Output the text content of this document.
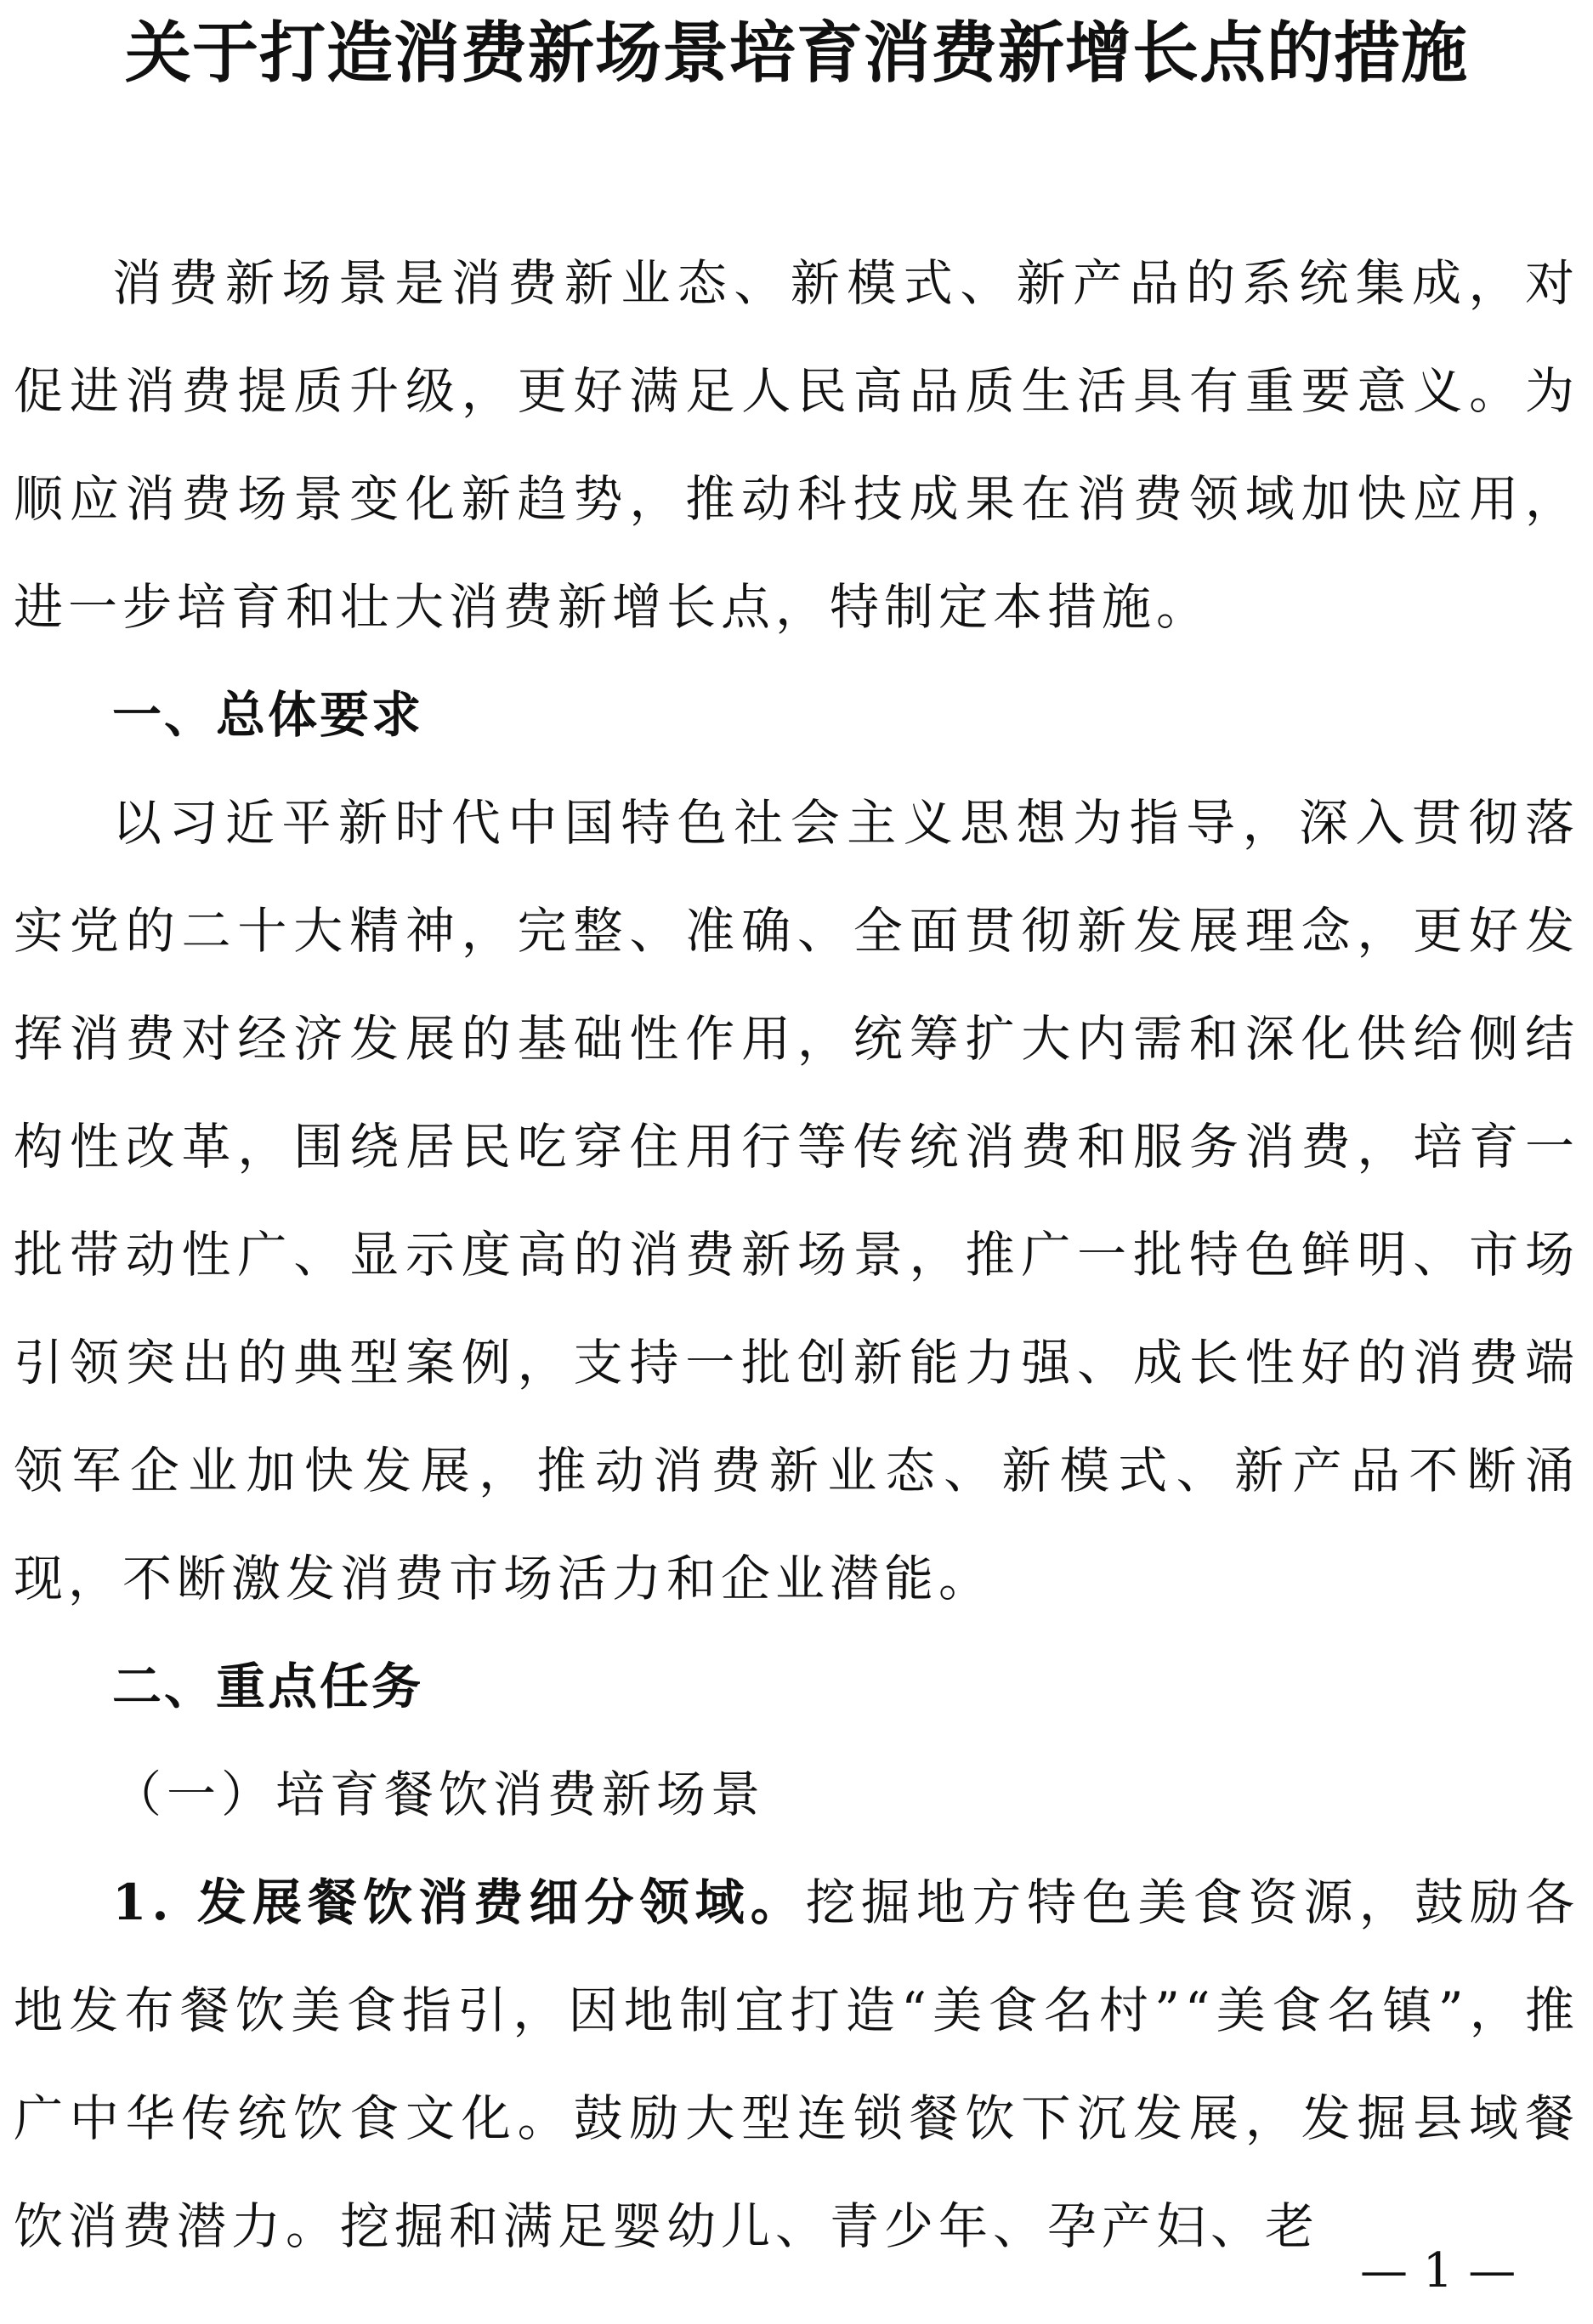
关于打造消费新场景培育消费新增长点的措施

消费新场景是消费新业态、新模式、新产品的系统集成，对促进消费提质升级，更好满足人民高品质生活具有重要意义。为顺应消费场景变化新趋势，推动科技成果在消费领域加快应用，进一步培育和壮大消费新增长点，特制定本措施。

一、总体要求

以习近平新时代中国特色社会主义思想为指导，深入贯彻落实党的二十大精神，完整、准确、全面贯彻新发展理念，更好发挥消费对经济发展的基础性作用，统筹扩大内需和深化供给侧结构性改革，围绕居民吃穿住用行等传统消费和服务消费，培育一批带动性广、显示度高的消费新场景，推广一批特色鲜明、市场引领突出的典型案例，支持一批创新能力强、成长性好的消费端领军企业加快发展，推动消费新业态、新模式、新产品不断涌现，不断激发消费市场活力和企业潜能。

二、重点任务

（一）培育餐饮消费新场景

1. 发展餐饮消费细分领域。挖掘地方特色美食资源，鼓励各地发布餐饮美食指引，因地制宜打造“美食名村”“美食名镇”，推广中华传统饮食文化。鼓励大型连锁餐饮下沉发展，发掘县域餐饮消费潜力。挖掘和满足婴幼儿、青少年、孕产妇、老

— 1 —
